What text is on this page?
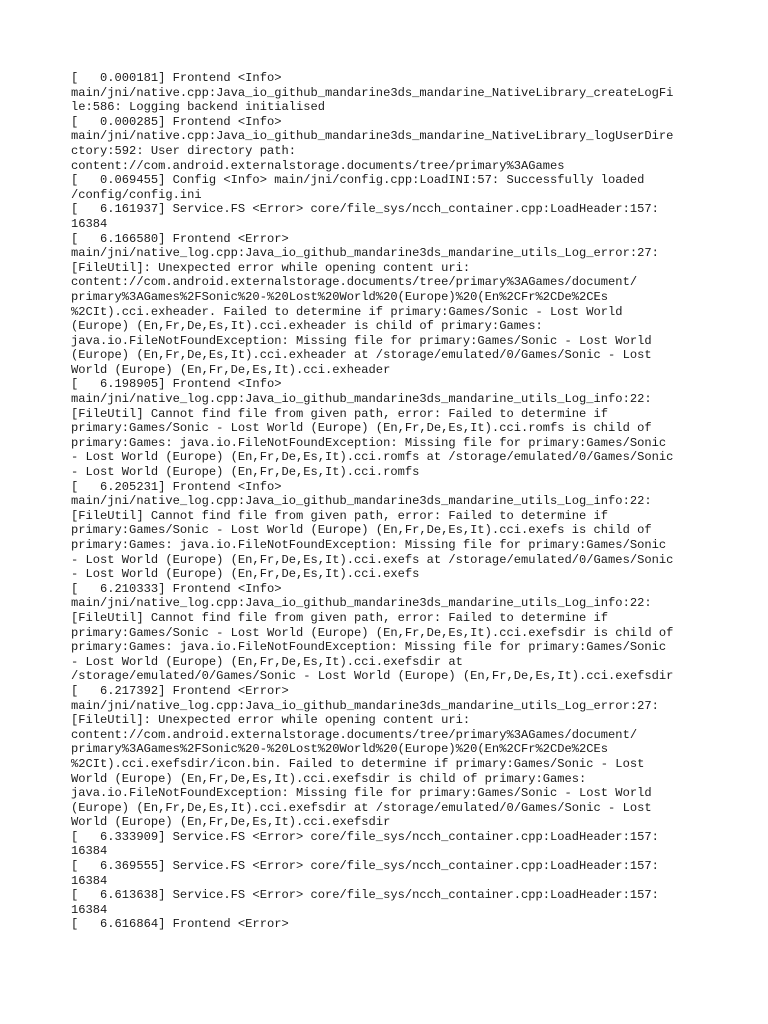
[   0.000181] Frontend <Info>
main/jni/native.cpp:Java_io_github_mandarine3ds_mandarine_NativeLibrary_createLogFi
le:586: Logging backend initialised
[   0.000285] Frontend <Info>
main/jni/native.cpp:Java_io_github_mandarine3ds_mandarine_NativeLibrary_logUserDire
ctory:592: User directory path:
content://com.android.externalstorage.documents/tree/primary%3AGames
[   0.069455] Config <Info> main/jni/config.cpp:LoadINI:57: Successfully loaded
/config/config.ini
[   6.161937] Service.FS <Error> core/file_sys/ncch_container.cpp:LoadHeader:157:
16384
[   6.166580] Frontend <Error>
main/jni/native_log.cpp:Java_io_github_mandarine3ds_mandarine_utils_Log_error:27:
[FileUtil]: Unexpected error while opening content uri:
content://com.android.externalstorage.documents/tree/primary%3AGames/document/
primary%3AGames%2FSonic%20-%20Lost%20World%20(Europe)%20(En%2CFr%2CDe%2CEs
%2CIt).cci.exheader. Failed to determine if primary:Games/Sonic - Lost World
(Europe) (En,Fr,De,Es,It).cci.exheader is child of primary:Games:
java.io.FileNotFoundException: Missing file for primary:Games/Sonic - Lost World
(Europe) (En,Fr,De,Es,It).cci.exheader at /storage/emulated/0/Games/Sonic - Lost
World (Europe) (En,Fr,De,Es,It).cci.exheader
[   6.198905] Frontend <Info>
main/jni/native_log.cpp:Java_io_github_mandarine3ds_mandarine_utils_Log_info:22:
[FileUtil] Cannot find file from given path, error: Failed to determine if
primary:Games/Sonic - Lost World (Europe) (En,Fr,De,Es,It).cci.romfs is child of
primary:Games: java.io.FileNotFoundException: Missing file for primary:Games/Sonic
- Lost World (Europe) (En,Fr,De,Es,It).cci.romfs at /storage/emulated/0/Games/Sonic
- Lost World (Europe) (En,Fr,De,Es,It).cci.romfs
[   6.205231] Frontend <Info>
main/jni/native_log.cpp:Java_io_github_mandarine3ds_mandarine_utils_Log_info:22:
[FileUtil] Cannot find file from given path, error: Failed to determine if
primary:Games/Sonic - Lost World (Europe) (En,Fr,De,Es,It).cci.exefs is child of
primary:Games: java.io.FileNotFoundException: Missing file for primary:Games/Sonic
- Lost World (Europe) (En,Fr,De,Es,It).cci.exefs at /storage/emulated/0/Games/Sonic
- Lost World (Europe) (En,Fr,De,Es,It).cci.exefs
[   6.210333] Frontend <Info>
main/jni/native_log.cpp:Java_io_github_mandarine3ds_mandarine_utils_Log_info:22:
[FileUtil] Cannot find file from given path, error: Failed to determine if
primary:Games/Sonic - Lost World (Europe) (En,Fr,De,Es,It).cci.exefsdir is child of
primary:Games: java.io.FileNotFoundException: Missing file for primary:Games/Sonic
- Lost World (Europe) (En,Fr,De,Es,It).cci.exefsdir at
/storage/emulated/0/Games/Sonic - Lost World (Europe) (En,Fr,De,Es,It).cci.exefsdir
[   6.217392] Frontend <Error>
main/jni/native_log.cpp:Java_io_github_mandarine3ds_mandarine_utils_Log_error:27:
[FileUtil]: Unexpected error while opening content uri:
content://com.android.externalstorage.documents/tree/primary%3AGames/document/
primary%3AGames%2FSonic%20-%20Lost%20World%20(Europe)%20(En%2CFr%2CDe%2CEs
%2CIt).cci.exefsdir/icon.bin. Failed to determine if primary:Games/Sonic - Lost
World (Europe) (En,Fr,De,Es,It).cci.exefsdir is child of primary:Games:
java.io.FileNotFoundException: Missing file for primary:Games/Sonic - Lost World
(Europe) (En,Fr,De,Es,It).cci.exefsdir at /storage/emulated/0/Games/Sonic - Lost
World (Europe) (En,Fr,De,Es,It).cci.exefsdir
[   6.333909] Service.FS <Error> core/file_sys/ncch_container.cpp:LoadHeader:157:
16384
[   6.369555] Service.FS <Error> core/file_sys/ncch_container.cpp:LoadHeader:157:
16384
[   6.613638] Service.FS <Error> core/file_sys/ncch_container.cpp:LoadHeader:157:
16384
[   6.616864] Frontend <Error>
